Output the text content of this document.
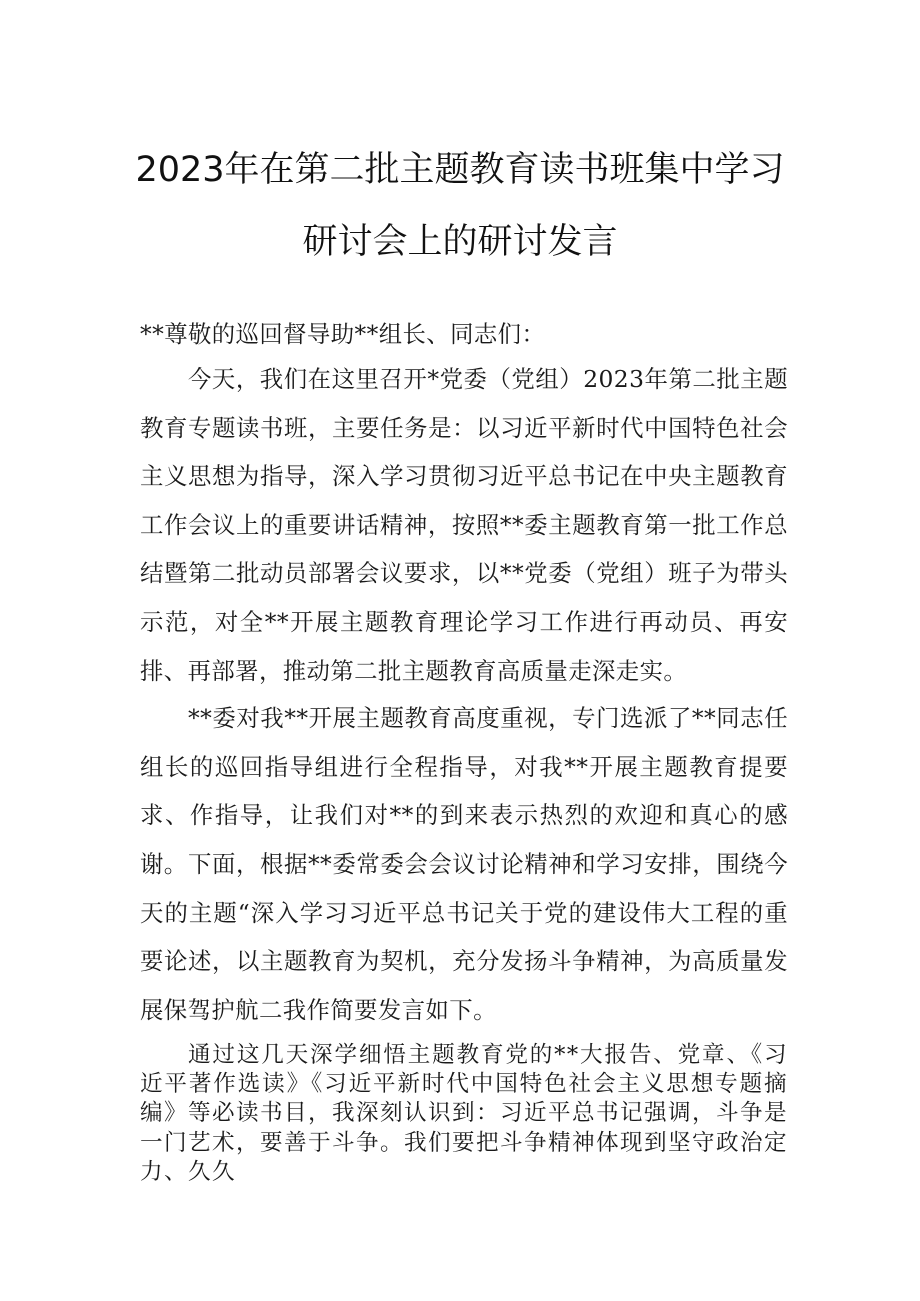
2023年在第二批主题教育读书班集中学习
研讨会上的研讨发言

**尊敬的巡回督导助**组长、同志们：

今天，我们在这里召开*党委（党组）2023年第二批主题教育专题读书班，主要任务是：以习近平新时代中国特色社会主义思想为指导，深入学习贯彻习近平总书记在中央主题教育工作会议上的重要讲话精神，按照**委主题教育第一批工作总结暨第二批动员部署会议要求，以**党委（党组）班子为带头示范，对全**开展主题教育理论学习工作进行再动员、再安排、再部署，推动第二批主题教育高质量走深走实。

**委对我**开展主题教育高度重视，专门选派了**同志任组长的巡回指导组进行全程指导，对我**开展主题教育提要求、作指导，让我们对**的到来表示热烈的欢迎和真心的感谢。 下面，根据**委常委会会议讨论精神和学习安排，围绕今天的主题“深入学习习近平总书记关于党的建设伟大工程的重要论述，以主题教育为契机，充分发扬斗争精神，为高质量发展保驾护航二我作简要发言如下。

通过这几天深学细悟主题教育党的**大报告、党章、《习近平著作选读》《习近平新时代中国特色社会主义思想专题摘编》等必读书目，我深刻认识到：习近平总书记强调，斗争是一门艺术，要善于斗争。我们要把斗争精神体现到坚守政治定力、久久
